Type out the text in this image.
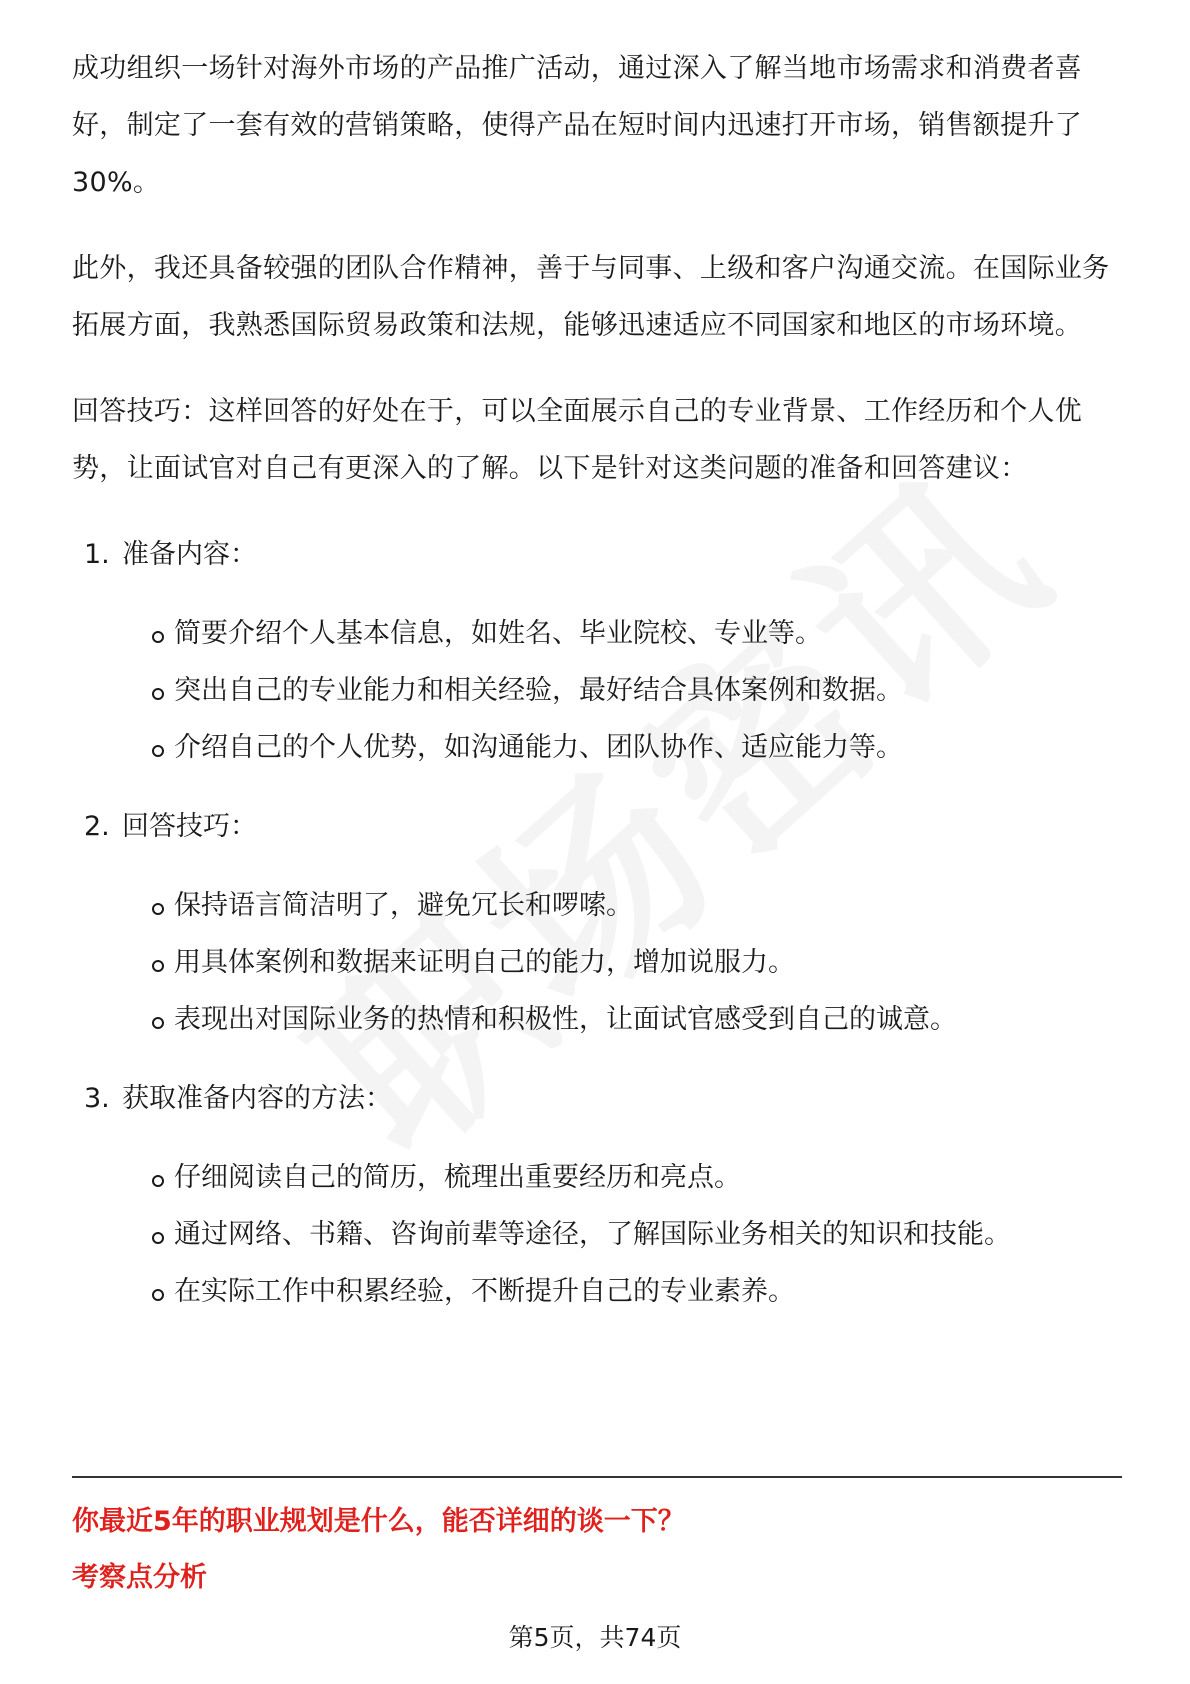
成功组织一场针对海外市场的产品推广活动，通过深入了解当地市场需求和消费者喜好，制定了一套有效的营销策略，使得产品在短时间内迅速打开市场，销售额提升了30%。

此外，我还具备较强的团队合作精神，善于与同事、上级和客户沟通交流。在国际业务拓展方面，我熟悉国际贸易政策和法规，能够迅速适应不同国家和地区的市场环境。

回答技巧：这样回答的好处在于，可以全面展示自己的专业背景、工作经历和个人优势，让面试官对自己有更深入的了解。以下是针对这类问题的准备和回答建议：

1. 准备内容：
简要介绍个人基本信息，如姓名、毕业院校、专业等。
突出自己的专业能力和相关经验，最好结合具体案例和数据。
介绍自己的个人优势，如沟通能力、团队协作、适应能力等。
2. 回答技巧：
保持语言简洁明了，避免冗长和啰嗦。
用具体案例和数据来证明自己的能力，增加说服力。
表现出对国际业务的热情和积极性，让面试官感受到自己的诚意。
3. 获取准备内容的方法：
仔细阅读自己的简历，梳理出重要经历和亮点。
通过网络、书籍、咨询前辈等途径，了解国际业务相关的知识和技能。
在实际工作中积累经验，不断提升自己的专业素养。
你最近5年的职业规划是什么，能否详细的谈一下？
考察点分析
第5页，共74页
